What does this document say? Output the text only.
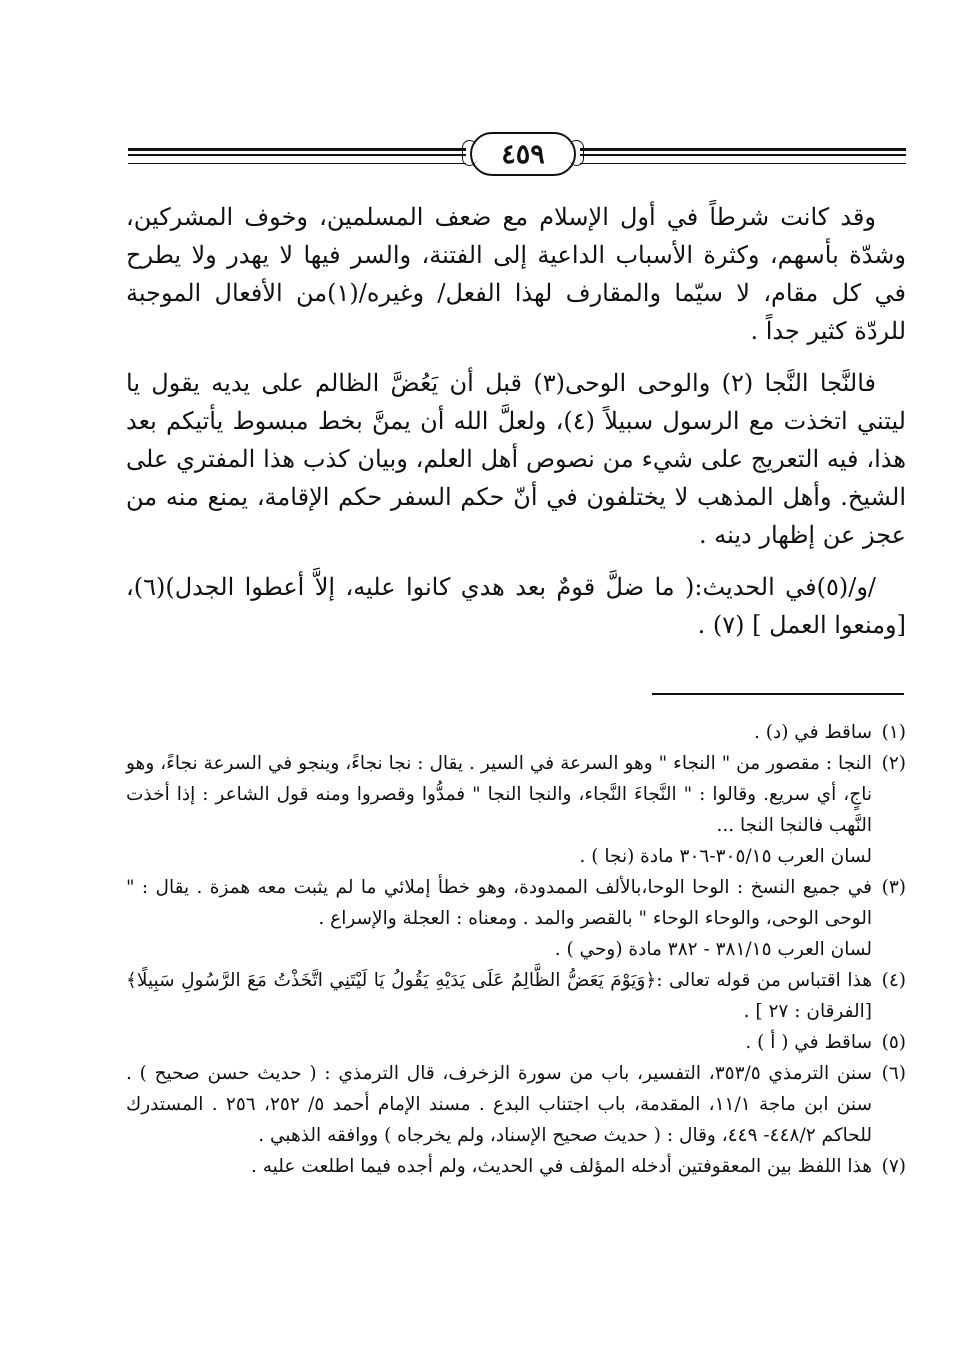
٤٥٩

وقد كانت شرطاً في أول الإسلام مع ضعف المسلمين، وخوف المشركين، وشدّة بأسهم، وكثرة الأسباب الداعية إلى الفتنة، والسر فيها لا يهدر ولا يطرح في كل مقام، لا سيّما والمقارف لهذا الفعل/ وغيره/(١)من الأفعال الموجبة للردّة كثير جداً .

فالنَّجا النَّجا (٢) والوحى الوحى(٣) قبل أن يَعُضَّ الظالم على يديه يقول يا ليتني اتخذت مع الرسول سبيلاً (٤)، ولعلَّ الله أن يمنَّ بخط مبسوط يأتيكم بعد هذا، فيه التعريج على شيء من نصوص أهل العلم، وبيان كذب هذا المفتري على الشيخ. وأهل المذهب لا يختلفون في أنّ حكم السفر حكم الإقامة، يمنع منه من عجز عن إظهار دينه .

/و/(٥)في الحديث:( ما ضلَّ قومٌ بعد هدي كانوا عليه، إلاَّ أعطوا الجدل)(٦)، [ومنعوا العمل ] (٧) .

(١)
ساقط في (د) .
(٢)
النجا : مقصور من " النجاء " وهو السرعة في السير . يقال : نجا نجاءً، وينجو في السرعة نجاءً، وهو ناجٍ، أي سريع. وقالوا : " النَّجاءَ النَّجاء، والنجا النجا " فمدُّوا وقصروا ومنه قول الشاعر : إذا أخذت النَّهب فالنجا النجا ...
لسان العرب ٣٠٥/١٥-٣٠٦ مادة (نجا ) .
(٣)
في جميع النسخ : الوحا الوحا،بالألف الممدودة، وهو خطأ إملائي ما لم يثبت معه همزة . يقال : " الوحى الوحى، والوحاء الوحاء " بالقصر والمد . ومعناه : العجلة والإسراع .
لسان العرب ٣٨١/١٥ - ٣٨٢ مادة (وحي ) .
(٤)
هذا اقتباس من قوله تعالى :﴿وَيَوْمَ يَعَضُّ الظَّالِمُ عَلَى يَدَيْهِ يَقُولُ يَا لَيْتَنِي اتَّخَذْتُ مَعَ الرَّسُولِ سَبِيلًا﴾ [الفرقان : ٢٧ ] .
(٥)
ساقط في ( أ ) .
(٦)
سنن الترمذي ٣٥٣/٥، التفسير، باب من سورة الزخرف، قال الترمذي : ( حديث حسن صحيح ) . سنن ابن ماجة ١١/١، المقدمة، باب اجتناب البدع . مسند الإمام أحمد ٥/ ٢٥٢، ٢٥٦ . المستدرك للحاكم ٤٤٨/٢- ٤٤٩، وقال : ( حديث صحيح الإسناد، ولم يخرجاه ) ووافقه الذهبي .
(٧)
هذا اللفظ بين المعقوفتين أدخله المؤلف في الحديث، ولم أجده فيما اطلعت عليه .
